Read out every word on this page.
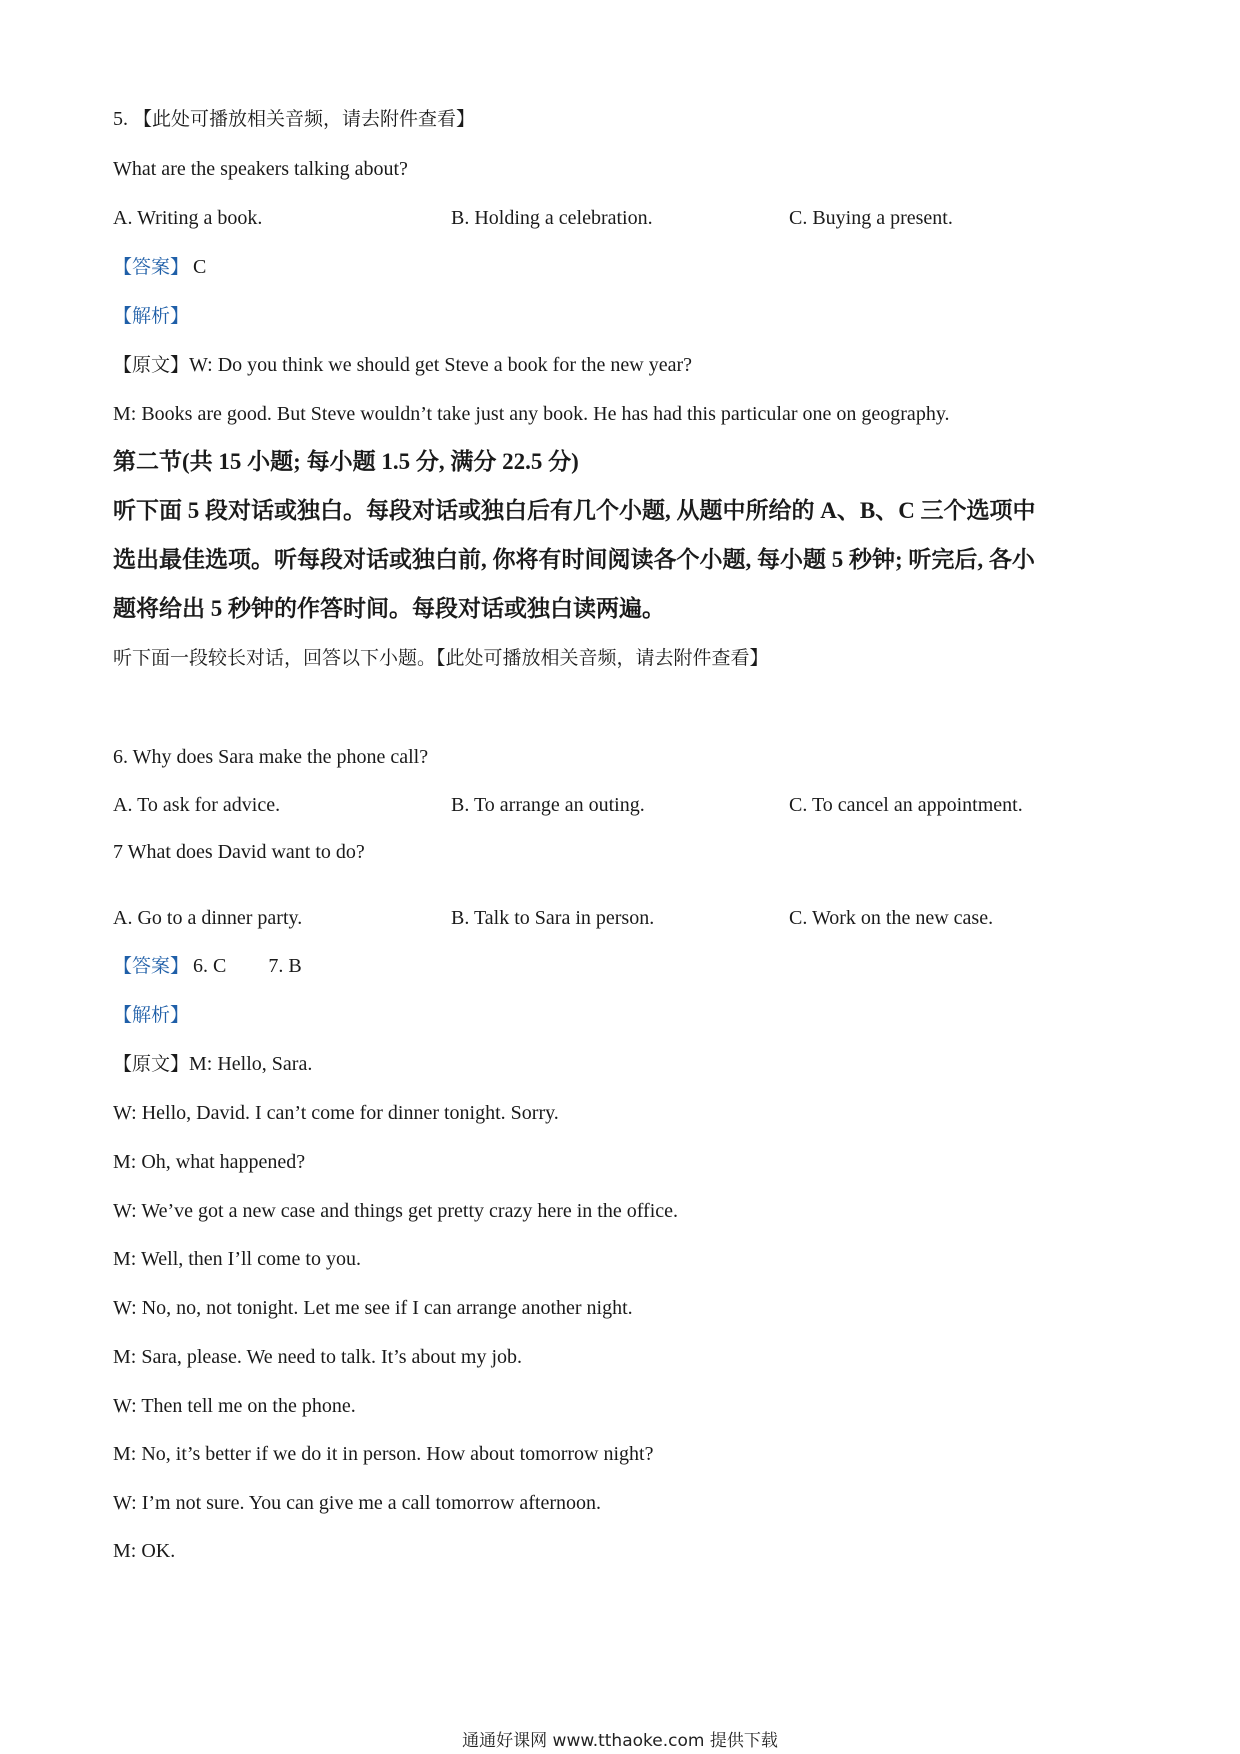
5. 【此处可播放相关音频，请去附件查看】
What are the speakers talking about?
A. Writing a book.	B. Holding a celebration.	C. Buying a present.
【答案】 C
【解析】
【原文】W: Do you think we should get Steve a book for the new year?
M: Books are good. But Steve wouldn’t take just any book. He has had this particular one on geography.
第二节(共 15 小题; 每小题 1.5 分, 满分 22.5 分)
听下面 5 段对话或独白。每段对话或独白后有几个小题, 从题中所给的 A、B、C 三个选项中
选出最佳选项。听每段对话或独白前, 你将有时间阅读各个小题, 每小题 5 秒钟; 听完后, 各小
题将给出 5 秒钟的作答时间。每段对话或独白读两遍。
听下面一段较长对话，回答以下小题。【此处可播放相关音频，请去附件查看】
6. Why does Sara make the phone call?
A. To ask for advice.	B. To arrange an outing.	C. To cancel an appointment.
7 What does David want to do?
A. Go to a dinner party.	B. Talk to Sara in person.	C. Work on the new case.
【答案】 6. C 7. B
【解析】
【原文】M: Hello, Sara.
W: Hello, David. I can’t come for dinner tonight. Sorry.
M: Oh, what happened?
W: We’ve got a new case and things get pretty crazy here in the office.
M: Well, then I’ll come to you.
W: No, no, not tonight. Let me see if I can arrange another night.
M: Sara, please. We need to talk. It’s about my job.
W: Then tell me on the phone.
M: No, it’s better if we do it in person. How about tomorrow night?
W: I’m not sure. You can give me a call tomorrow afternoon.
M: OK.
通通好课网 www.tthaoke.com 提供下载
